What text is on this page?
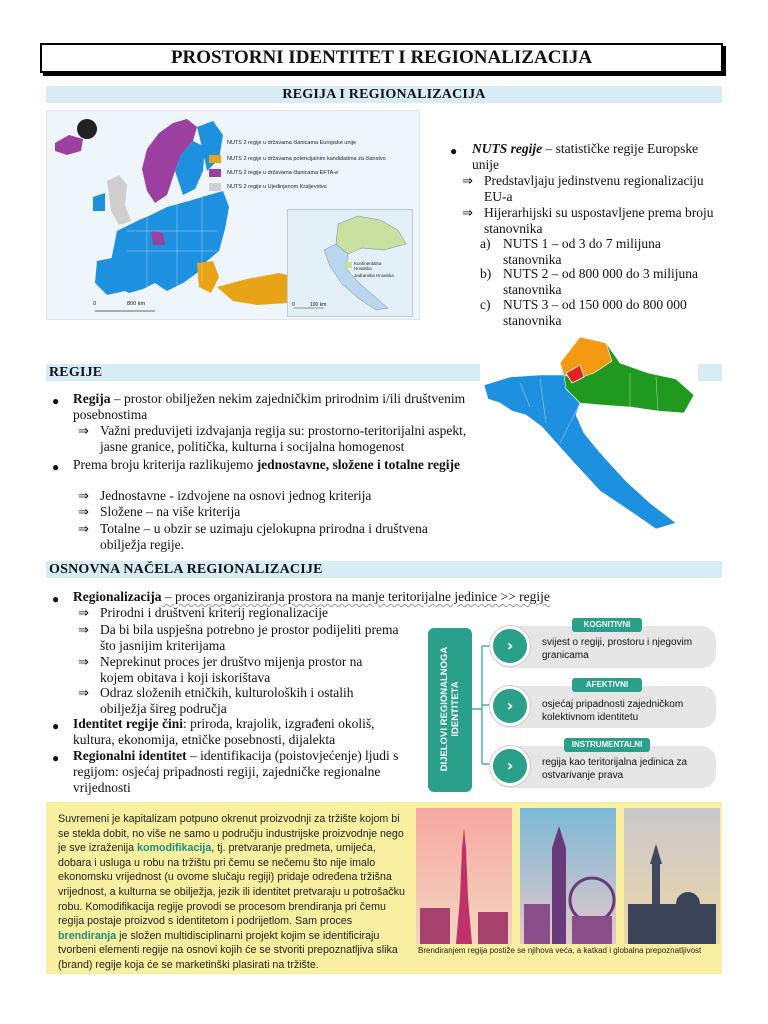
PROSTORNI IDENTITET I REGIONALIZACIJA
REGIJA I REGIONALIZACIJA
0	800 km
NUTS 2 regije u državama članicama Europske unije
NUTS 2 regije u državama potencijalnim kandidatima za članstvo
NUTS 2 regije u državama članicama EFTA-e
NUTS 2 regije u Ujedinjenom Kraljevstvu
Kontinentalna Hrvatska
Jadranska Hrvatska
0	100 km
● NUTS regije – statističke regije Europske unije
⇒ Predstavljaju jedinstvenu regionalizaciju EU-a
⇒ Hijerarhijski su uspostavljene prema broju stanovnika
a) NUTS 1 – od 3 do 7 milijuna stanovnika
b) NUTS 2 – od 800 000 do 3 milijuna stanovnika
c) NUTS 3 – od 150 000 do 800 000 stanovnika
REGIJE
● Regija – prostor obilježen nekim zajedničkim prirodnim i/ili društvenim posebnostima
⇒ Važni preduvijeti izdvajanja regija su: prostorno-teritorijalni aspekt, jasne granice, politička, kulturna i socijalna homogenost
● Prema broju kriterija razlikujemo jednostavne, složene i totalne regije
⇒ Jednostavne - izdvojene na osnovi jednog kriterija
⇒ Složene – na više kriterija
⇒ Totalne – u obzir se uzimaju cjelokupna prirodna i društvena obilježja regije.
OSNOVNA NAČELA REGIONALIZACIJE
● Regionalizacija – proces organiziranja prostora na manje teritorijalne jedinice >> regije
⇒ Prirodni i društveni kriterij regionalizacije
⇒ Da bi bila uspješna potrebno je prostor podijeliti prema što jasnijim kriterijama
⇒ Neprekinut proces jer društvo mijenja prostor na kojem obitava i koji iskorištava
⇒ Odraz složenih etničkih, kulturoloških i ostalih obilježja šireg područja
● Identitet regije čini: priroda, krajolik, izgrađeni okoliš, kultura, ekonomija, etničke posebnosti, dijalekta
● Regionalni identitet – identifikacija (poistovjećenje) ljudi s regijom: osjećaj pripadnosti regiji, zajedničke regionalne vrijednosti
DIJELOVI REGIONALNOGA IDENTITETA
›
KOGNITIVNI
svijest o regiji, prostoru i njegovim granicama
›
AFEKTIVNI
osjećaj pripadnosti zajedničkom kolektivnom identitetu
›
INSTRUMENTALNI
regija kao teritorijalna jedinica za ostvarivanje prava
Suvremeni je kapitalizam potpuno okrenut proizvodnji za tržište kojom bi se stekla dobit, no više ne samo u području industrijske proizvodnje nego je sve izraženija komodifikacija, tj. pretvaranje predmeta, umijeća, dobara i usluga u robu na tržištu pri čemu se nečemu što nije imalo ekonomsku vrijednost (u ovome slučaju regiji) pridaje određena tržišna vrijednost, a kulturna se obilježja, jezik ili identitet pretvaraju u potrošačku robu. Komodifikacija regije provodi se procesom brendiranja pri čemu regija postaje proizvod s identitetom i podrijetlom. Sam proces brendiranja je složen multidisciplinarni projekt kojim se identificiraju tvorbeni elementi regije na osnovi kojih će se stvoriti prepoznatljiva slika (brand) regije koja će se marketinški plasirati na tržište.
Brendiranjem regija postiže se njihova veća, a katkad i globalna prepoznatljivost
